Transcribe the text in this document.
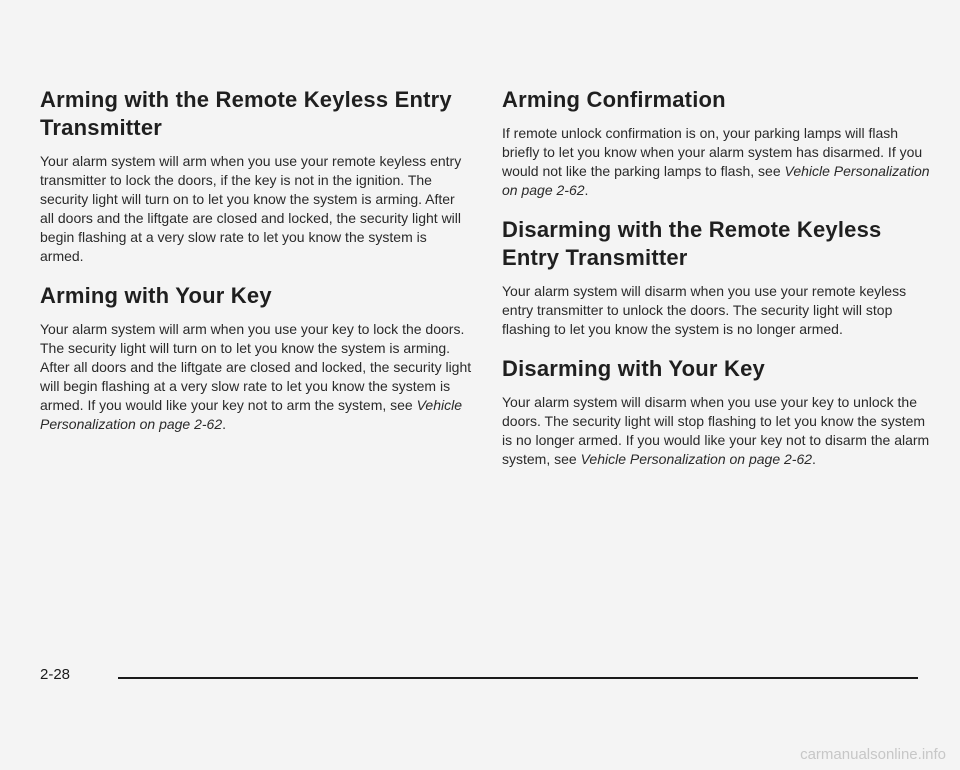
Arming with the Remote Keyless Entry Transmitter

Your alarm system will arm when you use your remote keyless entry transmitter to lock the doors, if the key is not in the ignition. The security light will turn on to let you know the system is arming. After all doors and the liftgate are closed and locked, the security light will begin flashing at a very slow rate to let you know the system is armed.

Arming with Your Key

Your alarm system will arm when you use your key to lock the doors. The security light will turn on to let you know the system is arming. After all doors and the liftgate are closed and locked, the security light will begin flashing at a very slow rate to let you know the system is armed. If you would like your key not to arm the system, see Vehicle Personalization on page 2-62.

Arming Confirmation

If remote unlock confirmation is on, your parking lamps will flash briefly to let you know when your alarm system has disarmed. If you would not like the parking lamps to flash, see Vehicle Personalization on page 2-62.

Disarming with the Remote Keyless Entry Transmitter

Your alarm system will disarm when you use your remote keyless entry transmitter to unlock the doors. The security light will stop flashing to let you know the system is no longer armed.

Disarming with Your Key

Your alarm system will disarm when you use your key to unlock the doors. The security light will stop flashing to let you know the system is no longer armed. If you would like your key not to disarm the alarm system, see Vehicle Personalization on page 2-62.

2-28
carmanualsonline.info
